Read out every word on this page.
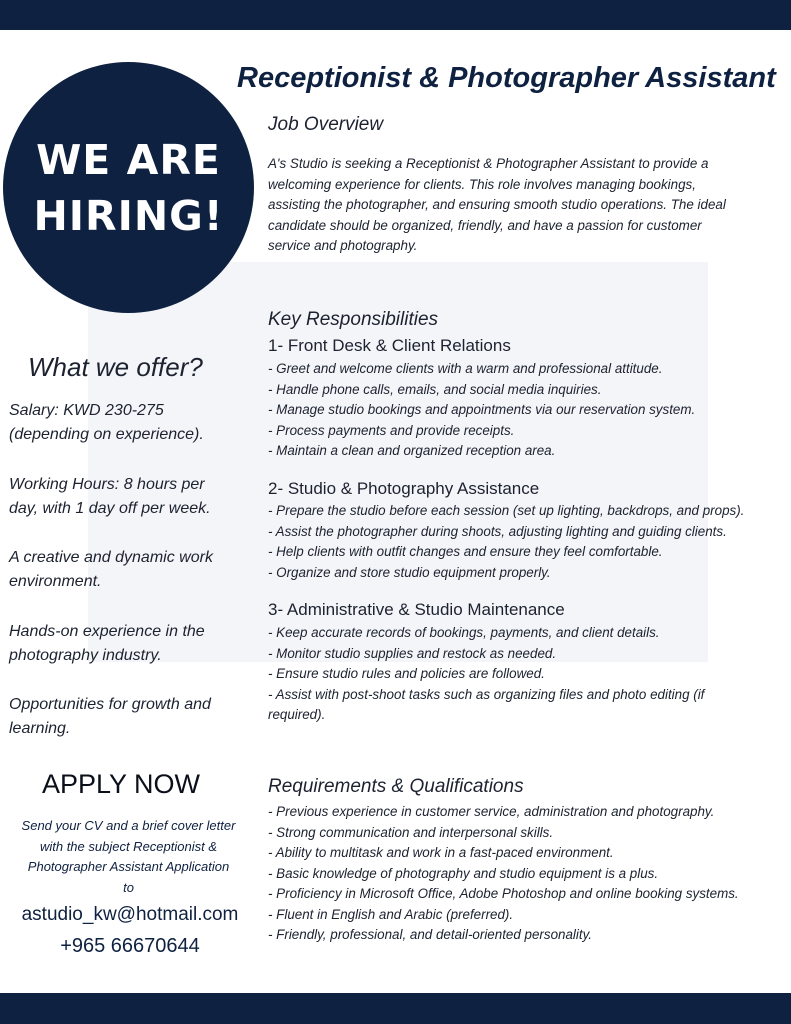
WE ARE
HIRING!
Receptionist & Photographer Assistant
Job Overview
A's Studio is seeking a Receptionist & Photographer Assistant to provide a
welcoming experience for clients. This role involves managing bookings,
assisting the photographer, and ensuring smooth studio operations. The ideal
candidate should be organized, friendly, and have a passion for customer
service and photography.
Key Responsibilities
1- Front Desk & Client Relations
- Greet and welcome clients with a warm and professional attitude.
- Handle phone calls, emails, and social media inquiries.
- Manage studio bookings and appointments via our reservation system.
- Process payments and provide receipts.
- Maintain a clean and organized reception area.
2- Studio & Photography Assistance
- Prepare the studio before each session (set up lighting, backdrops, and props).
- Assist the photographer during shoots, adjusting lighting and guiding clients.
- Help clients with outfit changes and ensure they feel comfortable.
- Organize and store studio equipment properly.
3- Administrative & Studio Maintenance
- Keep accurate records of bookings, payments, and client details.
- Monitor studio supplies and restock as needed.
- Ensure studio rules and policies are followed.
- Assist with post-shoot tasks such as organizing files and photo editing (if
required).
Requirements & Qualifications
- Previous experience in customer service, administration and photography.
- Strong communication and interpersonal skills.
- Ability to multitask and work in a fast-paced environment.
- Basic knowledge of photography and studio equipment is a plus.
- Proficiency in Microsoft Office, Adobe Photoshop and online booking systems.
- Fluent in English and Arabic (preferred).
- Friendly, professional, and detail-oriented personality.
What we offer?
Salary: KWD 230-275
(depending on experience).
Working Hours: 8 hours per
day, with 1 day off per week.
A creative and dynamic work
environment.
Hands-on experience in the
photography industry.
Opportunities for growth and
learning.
APPLY NOW
Send your CV and a brief cover letter
with the subject Receptionist &
Photographer Assistant Application
to
astudio_kw@hotmail.com
+965 66670644
